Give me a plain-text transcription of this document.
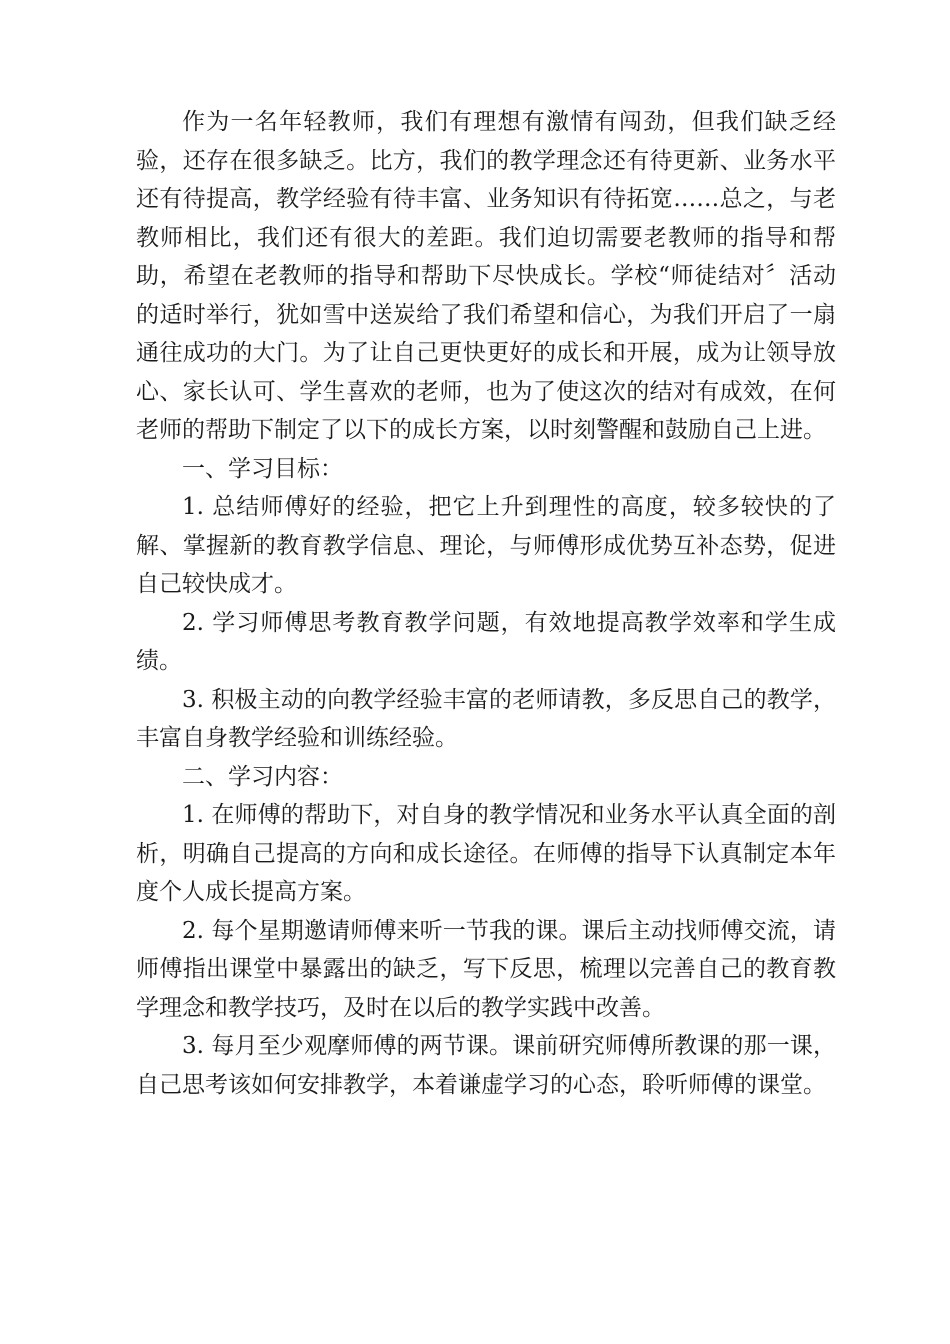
作为一名年轻教师，我们有理想有激情有闯劲，但我们缺乏经验，还存在很多缺乏。比方，我们的教学理念还有待更新、业务水平还有待提高，教学经验有待丰富、业务知识有待拓宽……总之，与老教师相比，我们还有很大的差距。我们迫切需要老教师的指导和帮助，希望在老教师的指导和帮助下尽快成长。学校“师徒结对〞活动的适时举行，犹如雪中送炭给了我们希望和信心，为我们开启了一扇通往成功的大门。为了让自己更快更好的成长和开展，成为让领导放心、家长认可、学生喜欢的老师，也为了使这次的结对有成效，在何老师的帮助下制定了以下的成长方案，以时刻警醒和鼓励自己上进。

一、学习目标：

1. 总结师傅好的经验，把它上升到理性的高度，较多较快的了解、掌握新的教育教学信息、理论，与师傅形成优势互补态势，促进自己较快成才。

2. 学习师傅思考教育教学问题，有效地提高教学效率和学生成绩。

3. 积极主动的向教学经验丰富的老师请教，多反思自己的教学，丰富自身教学经验和训练经验。

二、学习内容：

1. 在师傅的帮助下，对自身的教学情况和业务水平认真全面的剖析，明确自己提高的方向和成长途径。在师傅的指导下认真制定本年度个人成长提高方案。

2. 每个星期邀请师傅来听一节我的课。课后主动找师傅交流，请师傅指出课堂中暴露出的缺乏，写下反思，梳理以完善自己的教育教学理念和教学技巧，及时在以后的教学实践中改善。

3. 每月至少观摩师傅的两节课。课前研究师傅所教课的那一课，自己思考该如何安排教学，本着谦虚学习的心态，聆听师傅的课堂。
